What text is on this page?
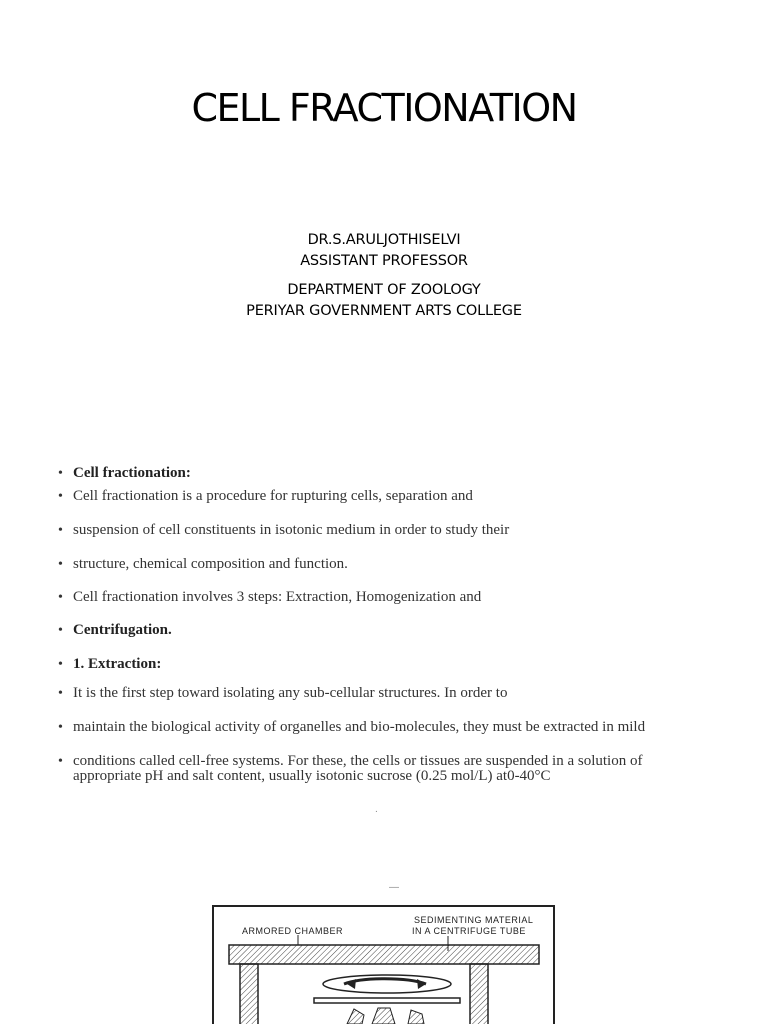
CELL FRACTIONATION
DR.S.ARULJOTHISELVI
ASSISTANT PROFESSOR
DEPARTMENT OF ZOOLOGY
PERIYAR GOVERNMENT ARTS COLLEGE
• Cell fractionation:
• Cell fractionation is a procedure for rupturing cells, separation and
• suspension of cell constituents in isotonic medium in order to study their
• structure, chemical composition and function.
• Cell fractionation involves 3 steps: Extraction, Homogenization and
• Centrifugation.
• 1. Extraction:
• It is the first step toward isolating any sub-cellular structures. In order to
• maintain the biological activity of organelles and bio-molecules, they must be extracted in mild
• conditions called cell-free systems. For these, the cells or tissues are suspended in a solution of
appropriate pH and salt content, usually isotonic sucrose (0.25 mol/L) at0-40°C
.
—
ARMORED CHAMBER
SEDIMENTING MATERIAL
IN A CENTRIFUGE TUBE
